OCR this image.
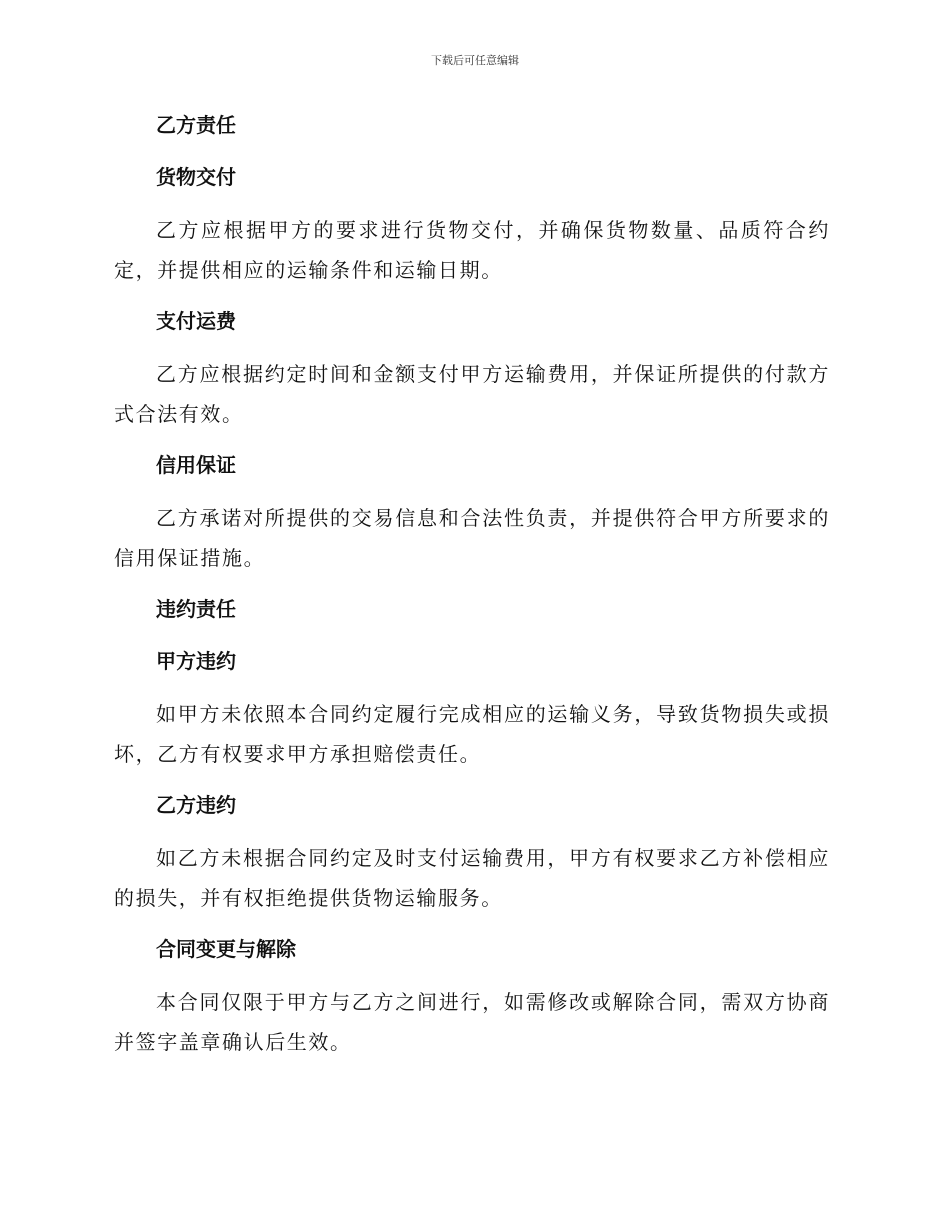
下载后可任意编辑
乙方责任
货物交付

乙方应根据甲方的要求进行货物交付，并确保货物数量、品质符合约定，并提供相应的运输条件和运输日期。

支付运费

乙方应根据约定时间和金额支付甲方运输费用，并保证所提供的付款方式合法有效。

信用保证

乙方承诺对所提供的交易信息和合法性负责，并提供符合甲方所要求的信用保证措施。

违约责任
甲方违约

如甲方未依照本合同约定履行完成相应的运输义务，导致货物损失或损坏，乙方有权要求甲方承担赔偿责任。

乙方违约

如乙方未根据合同约定及时支付运输费用，甲方有权要求乙方补偿相应的损失，并有权拒绝提供货物运输服务。

合同变更与解除

本合同仅限于甲方与乙方之间进行，如需修改或解除合同，需双方协商并签字盖章确认后生效。
